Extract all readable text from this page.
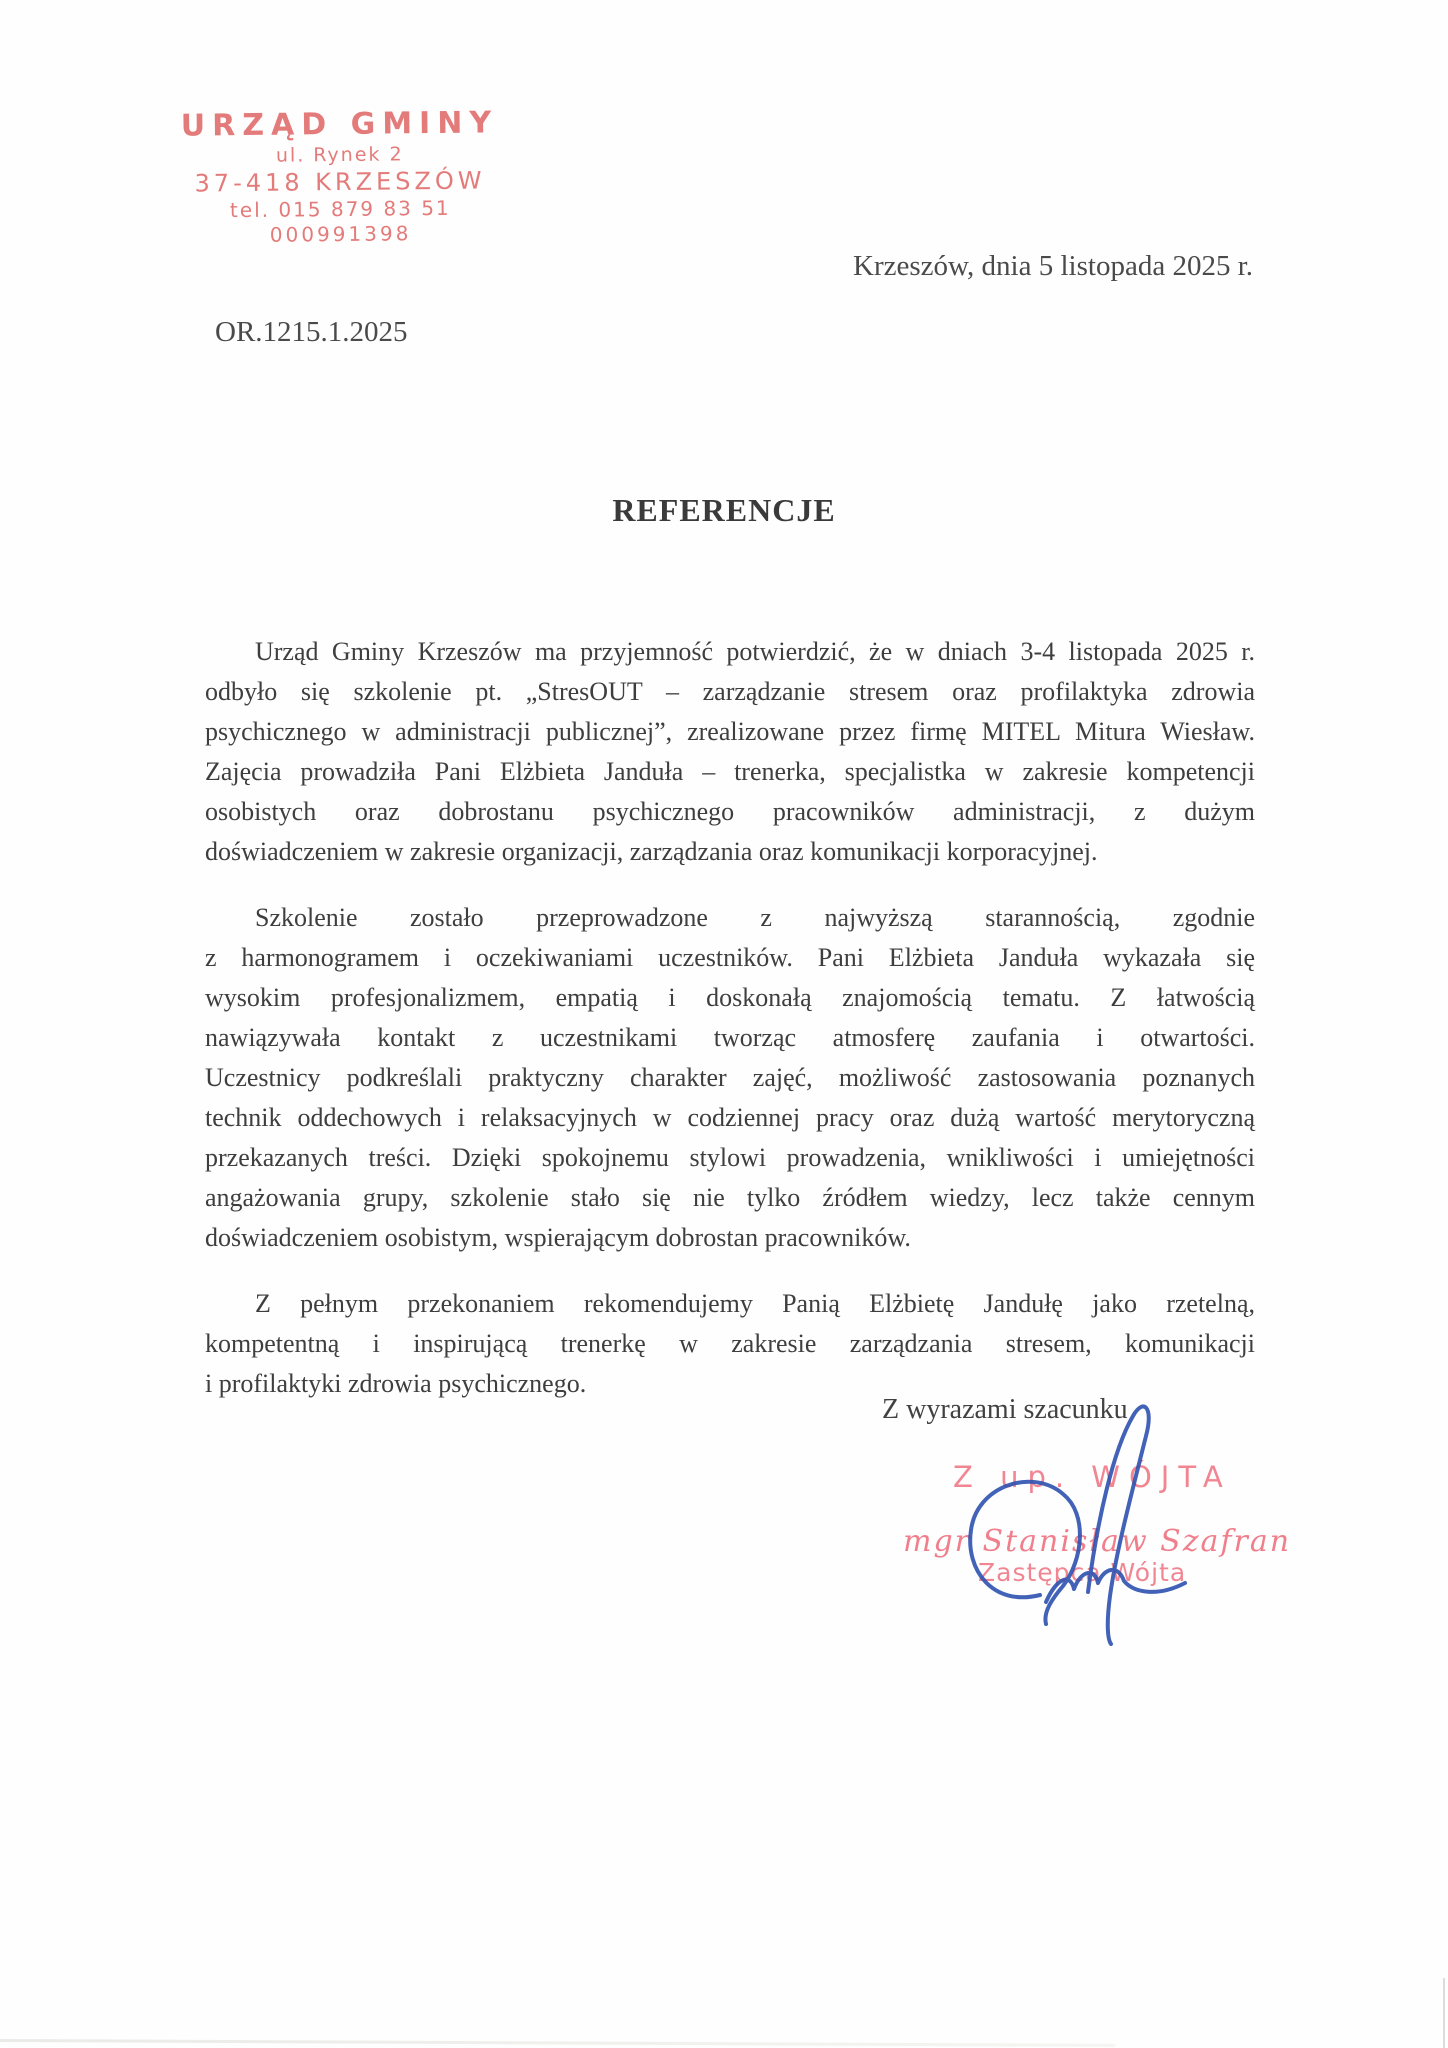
URZĄD GMINY
ul. Rynek 2
37-418 KRZESZÓW
tel. 015 879 83 51
000991398
Krzeszów, dnia 5 listopada 2025 r.
OR.1215.1.2025
REFERENCJE
Urząd Gminy Krzeszów ma przyjemność potwierdzić, że w dniach 3-4 listopada 2025 r.
odbyło się szkolenie pt. „StresOUT – zarządzanie stresem oraz profilaktyka zdrowia
psychicznego w administracji publicznej”, zrealizowane przez firmę MITEL Mitura Wiesław.
Zajęcia prowadziła Pani Elżbieta Janduła – trenerka, specjalistka w zakresie kompetencji
osobistych oraz dobrostanu psychicznego pracowników administracji, z dużym
doświadczeniem w zakresie organizacji, zarządzania oraz komunikacji korporacyjnej.
Szkolenie zostało przeprowadzone z najwyższą starannością, zgodnie
z harmonogramem i oczekiwaniami uczestników. Pani Elżbieta Janduła wykazała się
wysokim profesjonalizmem, empatią i doskonałą znajomością tematu. Z łatwością
nawiązywała kontakt z uczestnikami tworząc atmosferę zaufania i otwartości.
Uczestnicy podkreślali praktyczny charakter zajęć, możliwość zastosowania poznanych
technik oddechowych i relaksacyjnych w codziennej pracy oraz dużą wartość merytoryczną
przekazanych treści. Dzięki spokojnemu stylowi prowadzenia, wnikliwości i umiejętności
angażowania grupy, szkolenie stało się nie tylko źródłem wiedzy, lecz także cennym
doświadczeniem osobistym, wspierającym dobrostan pracowników.
Z pełnym przekonaniem rekomendujemy Panią Elżbietę Jandułę jako rzetelną,
kompetentną i inspirującą trenerkę w zakresie zarządzania stresem, komunikacji
i profilaktyki zdrowia psychicznego.
Z wyrazami szacunku
Z up. WÓJTA
mgr Stanisław Szafran
Zastępca Wójta
